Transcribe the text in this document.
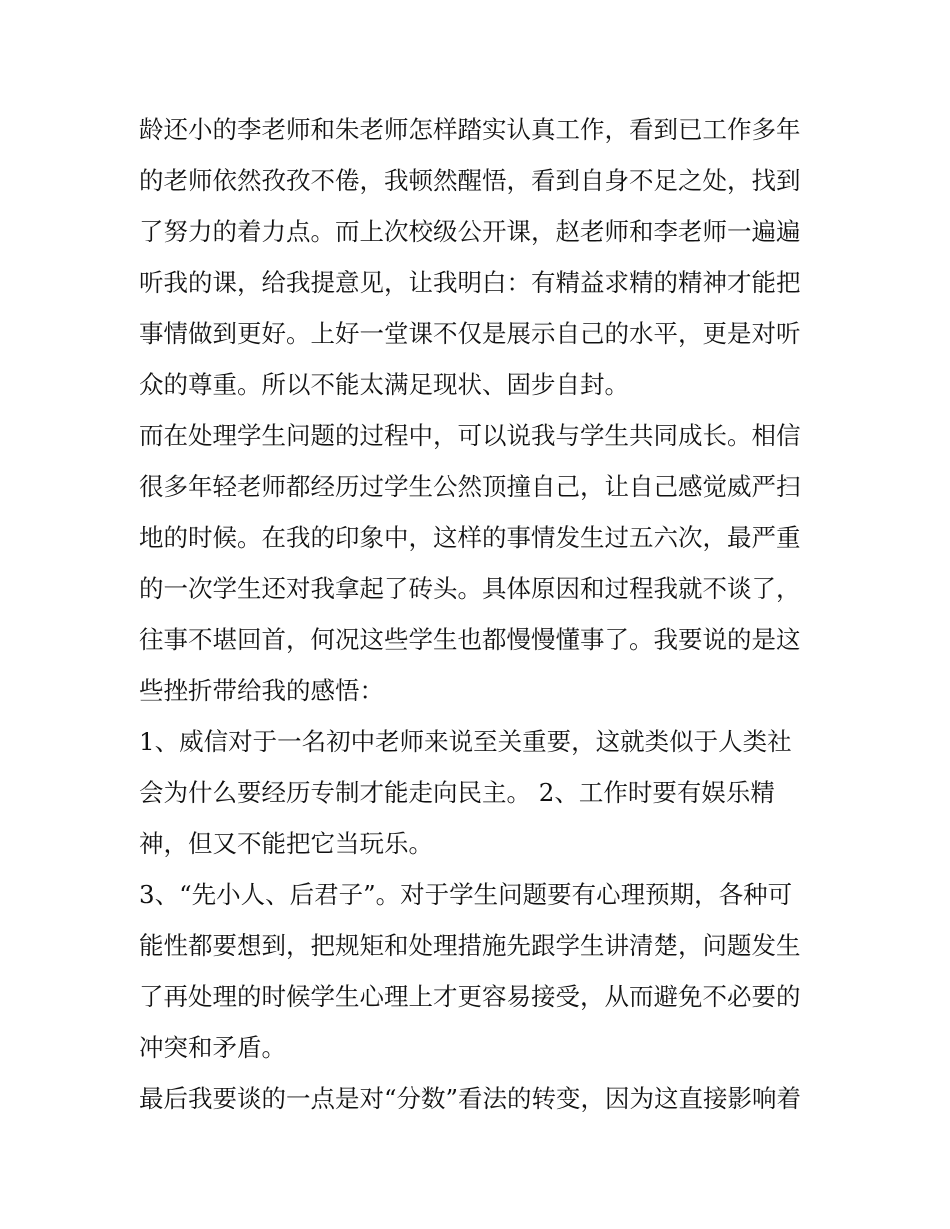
龄还小的李老师和朱老师怎样踏实认真工作，看到已工作多年
的老师依然孜孜不倦，我顿然醒悟，看到自身不足之处，找到
了努力的着力点。而上次校级公开课，赵老师和李老师一遍遍
听我的课，给我提意见，让我明白：有精益求精的精神才能把
事情做到更好。上好一堂课不仅是展示自己的水平，更是对听
众的尊重。所以不能太满足现状、固步自封。
而在处理学生问题的过程中，可以说我与学生共同成长。相信
很多年轻老师都经历过学生公然顶撞自己，让自己感觉威严扫
地的时候。在我的印象中，这样的事情发生过五六次，最严重
的一次学生还对我拿起了砖头。具体原因和过程我就不谈了，
往事不堪回首，何况这些学生也都慢慢懂事了。我要说的是这
些挫折带给我的感悟：
1、威信对于一名初中老师来说至关重要，这就类似于人类社
会为什么要经历专制才能走向民主。 2、工作时要有娱乐精
神，但又不能把它当玩乐。
3、“先小人、后君子”。对于学生问题要有心理预期，各种可
能性都要想到，把规矩和处理措施先跟学生讲清楚，问题发生
了再处理的时候学生心理上才更容易接受，从而避免不必要的
冲突和矛盾。
最后我要谈的一点是对“分数”看法的转变，因为这直接影响着
